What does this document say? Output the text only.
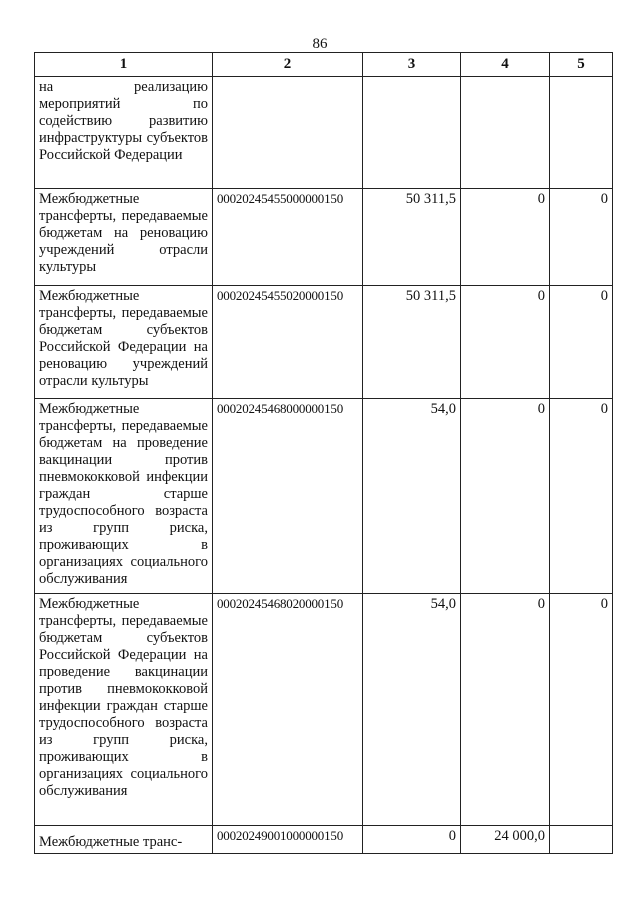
86
1	2	3	4	5
на реализацию мероприятий по содействию развитию инфраструктуры субъектов Российской Федерации				
Межбюджетные трансферты, передаваемые бюджетам на реновацию учреждений отрасли культуры	00020245455000000150	50 311,5	0	0
Межбюджетные трансферты, передаваемые бюджетам субъектов Российской Федерации на реновацию учреждений отрасли культуры	00020245455020000150	50 311,5	0	0
Межбюджетные трансферты, передаваемые бюджетам на проведение вакцинации против пневмококковой инфекции граждан старше трудоспособного возраста из групп риска, проживающих в организациях социального обслуживания	00020245468000000150	54,0	0	0
Межбюджетные трансферты, передаваемые бюджетам субъектов Российской Федерации на проведение вакцинации против пневмококковой инфекции граждан старше трудоспособного возраста из групп риска, проживающих в организациях социального обслуживания	00020245468020000150	54,0	0	0
Межбюджетные транс-	00020249001000000150	0	24 000,0	
